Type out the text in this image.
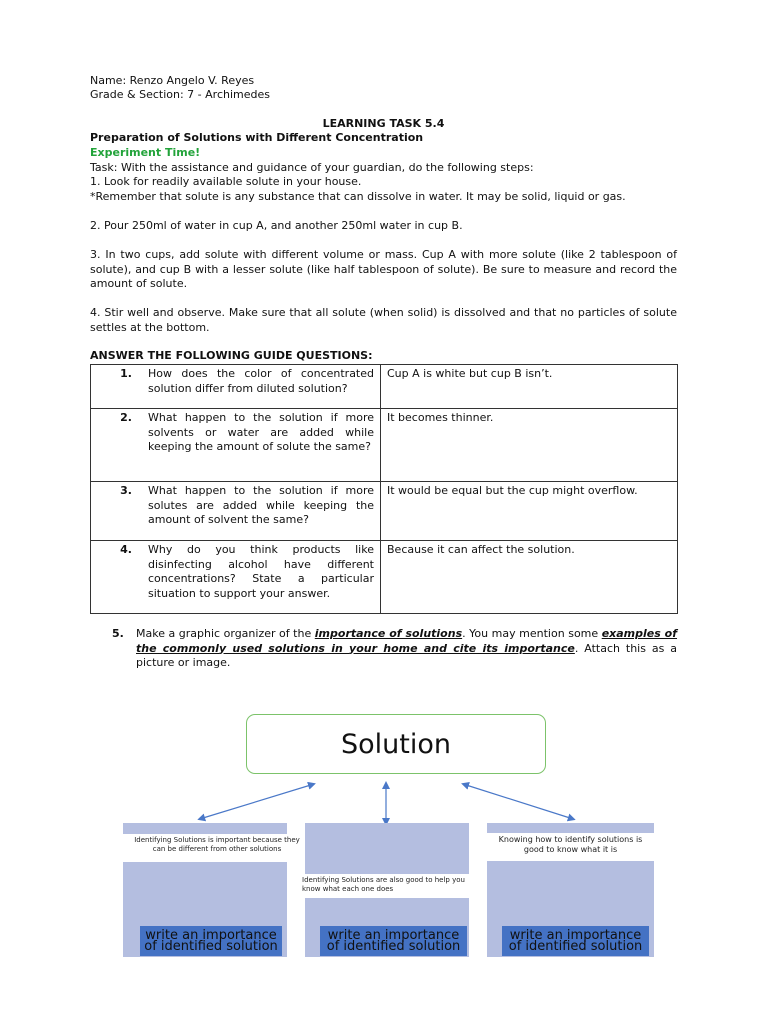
Name: Renzo Angelo V. Reyes
Grade & Section: 7 - Archimedes
LEARNING TASK 5.4
Preparation of Solutions with Different Concentration
Experiment Time!
Task: With the assistance and guidance of your guardian, do the following steps:
1. Look for readily available solute in your house.
*Remember that solute is any substance that can dissolve in water. It may be solid, liquid or gas.
2. Pour 250ml of water in cup A, and another 250ml water in cup B.
3. In two cups, add solute with different volume or mass. Cup A with more solute (like 2 tablespoon of solute), and cup B with a lesser solute (like half tablespoon of solute). Be sure to measure and record the amount of solute.
4. Stir well and observe. Make sure that all solute (when solid) is dissolved and that no particles of solute settles at the bottom.
ANSWER THE FOLLOWING GUIDE QUESTIONS:
1.	How does the color of concentrated solution differ from diluted solution?	Cup A is white but cup B isn’t.
2.	What happen to the solution if more solvents or water are added while keeping the amount of solute the same?	It becomes thinner.
3.	What happen to the solution if more solutes are added while keeping the amount of solvent the same?	It would be equal but the cup might overflow.
4.	Why do you think products like disinfecting alcohol have different concentrations? State a particular situation to support your answer.	Because it can affect the solution.
5. Make a graphic organizer of the importance of solutions. You may mention some examples of the commonly used solutions in your home and cite its importance. Attach this as a picture or image.
Solution
Identifying Solutions is important because they can be different from other solutions
write an importance of identified solution
Identifying Solutions are also good to help you know what each one does
write an importance of identified solution
Knowing how to identify solutions is good to know what it is
write an importance of identified solution
